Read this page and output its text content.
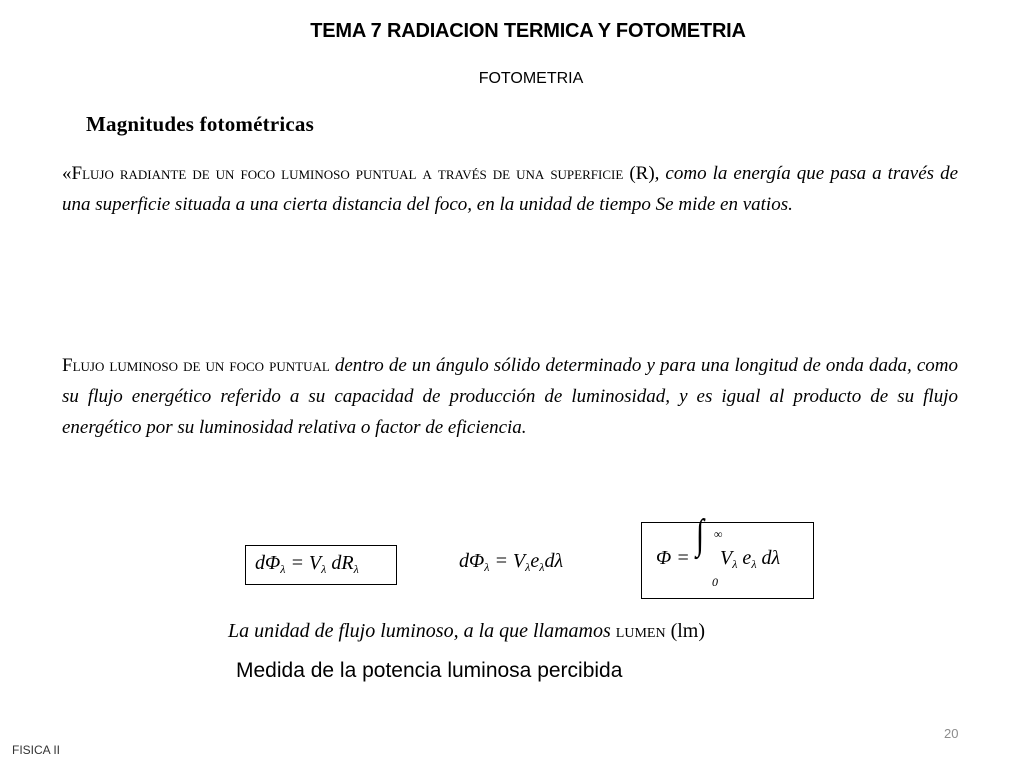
TEMA 7 RADIACION TERMICA Y FOTOMETRIA
FOTOMETRIA
Magnitudes fotométricas
«Flujo radiante de un foco luminoso puntual a través de una superficie (R), como la energía que pasa a través de una superficie situada a una cierta distancia del foco, en la unidad de tiempo Se mide en vatios.
Flujo luminoso de un foco puntual dentro de un ángulo sólido determinado y para una longitud de onda dada, como su flujo energético referido a su capacidad de producción de luminosidad, y es igual al producto de su flujo energético por su luminosidad relativa o factor de eficiencia.
$d\Phi_\lambda = V_\lambda$ $dR_\lambda$	$d\Phi_\lambda = V_\lambda e_\lambda d\lambda$	Φ = ∫ ∞
0
$V_\lambda$ $e_\lambda$ dλ
La unidad de flujo luminoso, a la que llamamos lumen (lm)
Medida de la potencia luminosa percibida
20
FISICA II
